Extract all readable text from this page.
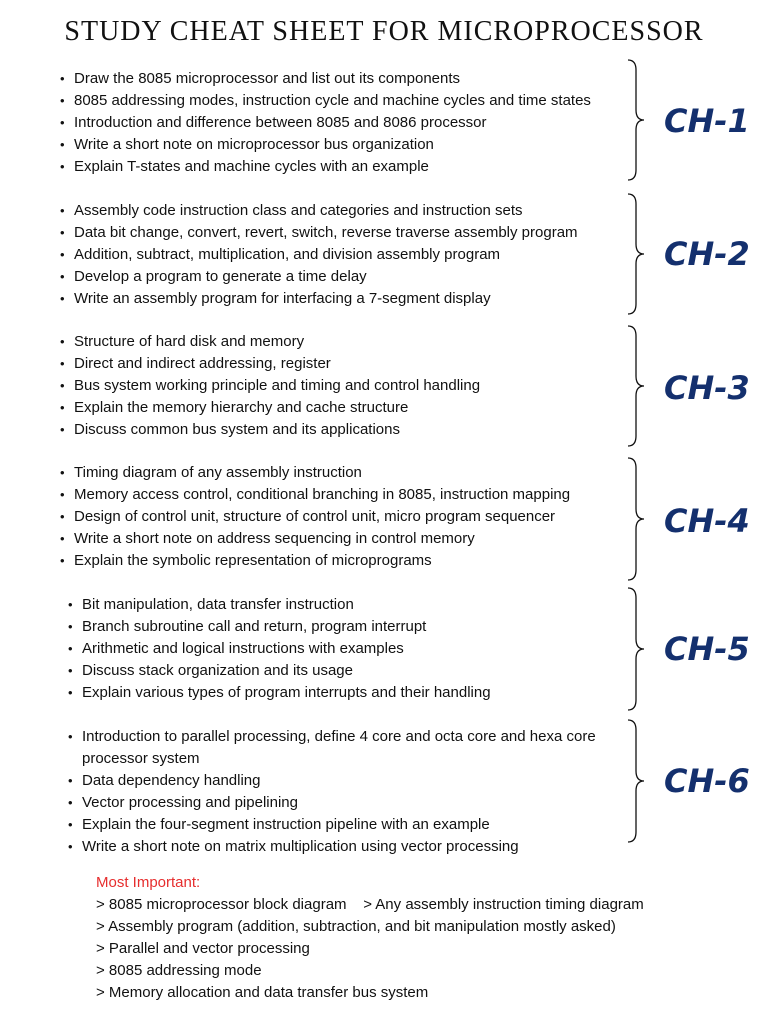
STUDY CHEAT SHEET FOR MICROPROCESSOR
• Draw the 8085 microprocessor and list out its components
• 8085 addressing modes, instruction cycle and machine cycles and time states
• Introduction and difference between 8085 and 8086 processor
• Write a short note on microprocessor bus organization
• Explain T-states and machine cycles with an example
CH-1
• Assembly code instruction class and categories and instruction sets
• Data bit change, convert, revert, switch, reverse traverse assembly program
• Addition, subtract, multiplication, and division assembly program
• Develop a program to generate a time delay
• Write an assembly program for interfacing a 7-segment display
CH-2
• Structure of hard disk and memory
• Direct and indirect addressing, register
• Bus system working principle and timing and control handling
• Explain the memory hierarchy and cache structure
• Discuss common bus system and its applications
CH-3
• Timing diagram of any assembly instruction
• Memory access control, conditional branching in 8085, instruction mapping
• Design of control unit, structure of control unit, micro program sequencer
• Write a short note on address sequencing in control memory
• Explain the symbolic representation of microprograms
CH-4
• Bit manipulation, data transfer instruction
• Branch subroutine call and return, program interrupt
• Arithmetic and logical instructions with examples
• Discuss stack organization and its usage
• Explain various types of program interrupts and their handling
CH-5
• Introduction to parallel processing, define 4 core and octa core and hexa core processor system
• Data dependency handling
• Vector processing and pipelining
• Explain the four-segment instruction pipeline with an example
• Write a short note on matrix multiplication using vector processing
CH-6
Most Important:
> 8085 microprocessor block diagram    > Any assembly instruction timing diagram
> Assembly program (addition, subtraction, and bit manipulation mostly asked)
> Parallel and vector processing
> 8085 addressing mode
> Memory allocation and data transfer bus system
